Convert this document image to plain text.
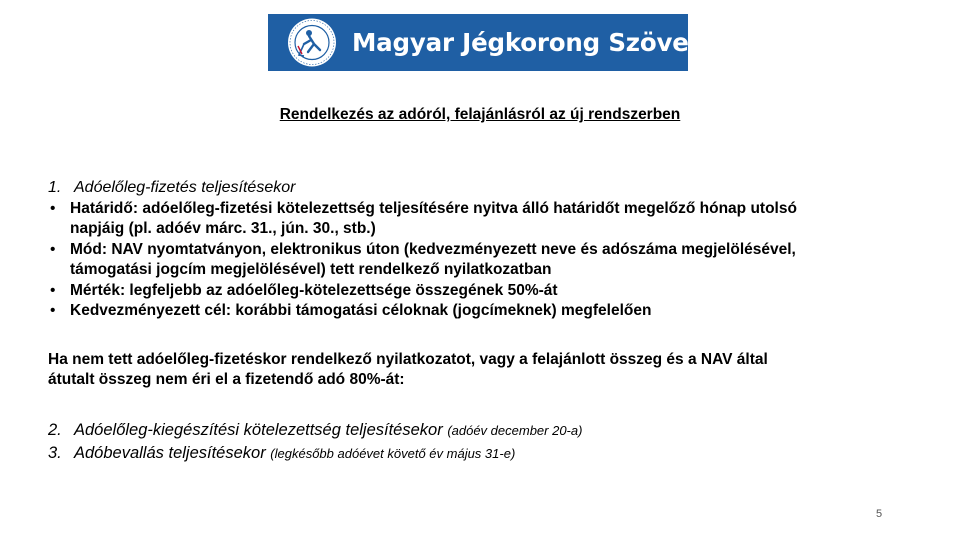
Magyar Jégkorong Szövetség
Rendelkezés az adóról, felajánlásról az új rendszerben
1. Adóelőleg-fizetés teljesítésekor
• Határidő: adóelőleg-fizetési kötelezettség teljesítésére nyitva álló határidőt megelőző hónap utolsó
napjáig (pl. adóév márc. 31., jún. 30., stb.)
• Mód: NAV nyomtatványon, elektronikus úton (kedvezményezett neve és adószáma megjelölésével,
támogatási jogcím megjelölésével) tett rendelkező nyilatkozatban
• Mérték: legfeljebb az adóelőleg-kötelezettsége összegének 50%-át
• Kedvezményezett cél: korábbi támogatási céloknak (jogcímeknek) megfelelően
Ha nem tett adóelőleg-fizetéskor rendelkező nyilatkozatot, vagy a felajánlott összeg és a NAV által
átutalt összeg nem éri el a fizetendő adó 80%-át:
2. Adóelőleg-kiegészítési kötelezettség teljesítésekor (adóév december 20-a)
3. Adóbevallás teljesítésekor (legkésőbb adóévet követő év május 31-e)
5
